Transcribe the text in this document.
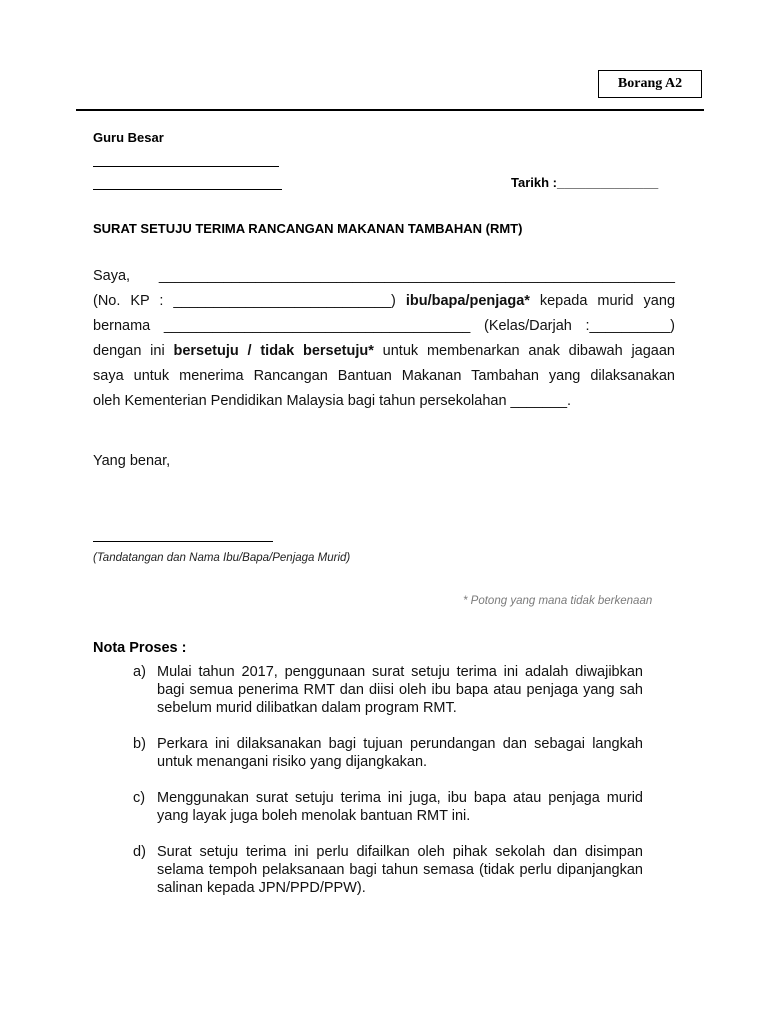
Borang A2
Guru Besar
Tarikh :______________
SURAT SETUJU TERIMA RANCANGAN MAKANAN TAMBAHAN (RMT)

Saya, ________________________________________________________________

(No. KP : ___________________________) ibu/bapa/penjaga* kepada murid yang

bernama ______________________________________ (Kelas/Darjah :__________)

dengan ini bersetuju / tidak bersetuju* untuk membenarkan anak dibawah jagaan

saya untuk menerima Rancangan Bantuan Makanan Tambahan yang dilaksanakan

oleh Kementerian Pendidikan Malaysia bagi tahun persekolahan _______.

Yang benar,
(Tandatangan dan Nama Ibu/Bapa/Penjaga Murid)
* Potong yang mana tidak berkenaan
Nota Proses :
a) Mulai tahun 2017, penggunaan surat setuju terima ini adalah diwajibkan bagi semua penerima RMT dan diisi oleh ibu bapa atau penjaga yang sah sebelum murid dilibatkan dalam program RMT.
b) Perkara ini dilaksanakan bagi tujuan perundangan dan sebagai langkah untuk menangani risiko yang dijangkakan.
c) Menggunakan surat setuju terima ini juga, ibu bapa atau penjaga murid yang layak juga boleh menolak bantuan RMT ini.
d) Surat setuju terima ini perlu difailkan oleh pihak sekolah dan disimpan selama tempoh pelaksanaan bagi tahun semasa (tidak perlu dipanjangkan salinan kepada JPN/PPD/PPW).
